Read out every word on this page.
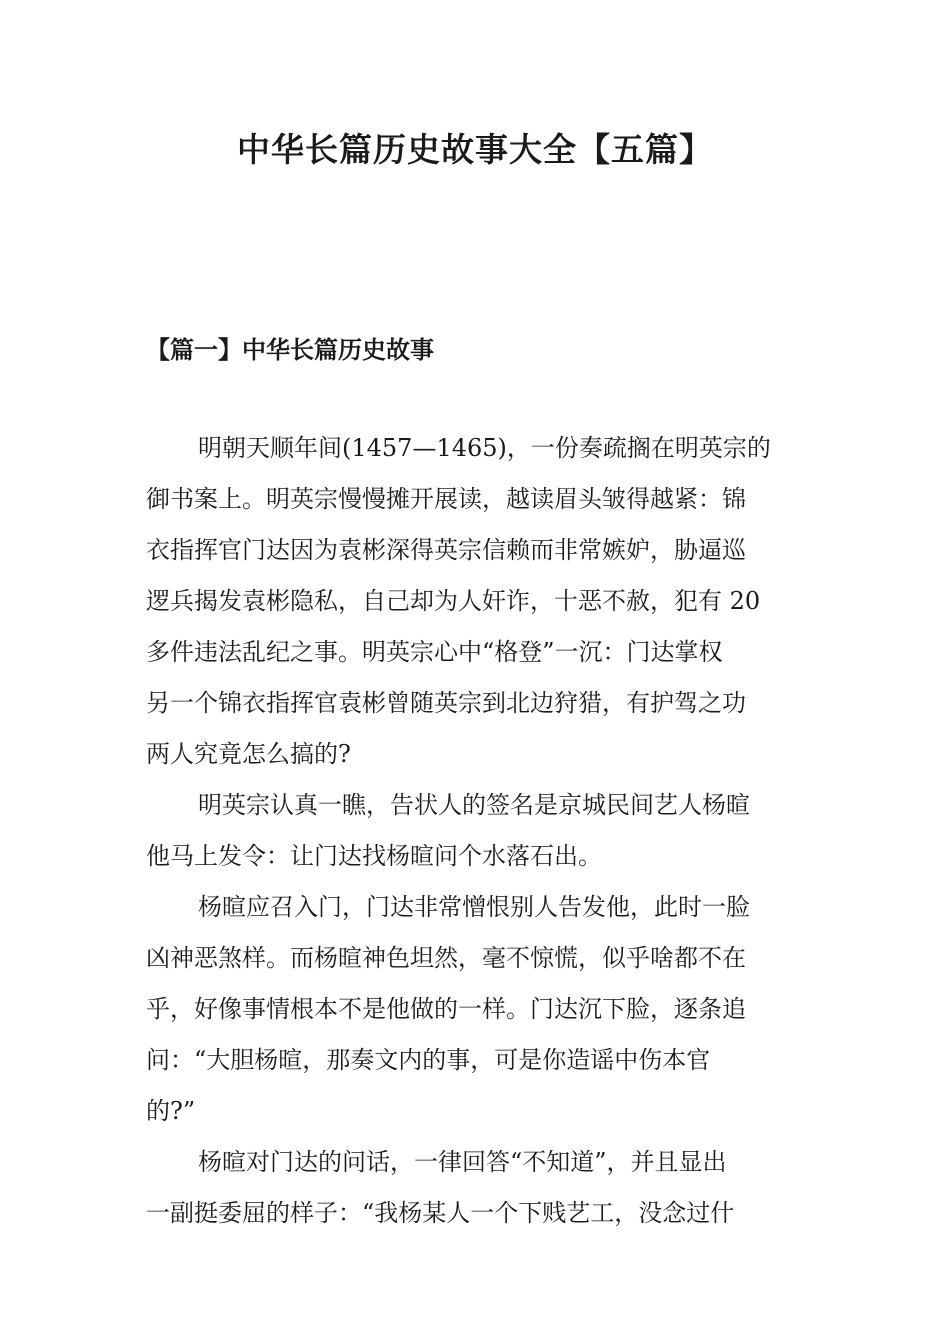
中华长篇历史故事大全【五篇】
【篇一】中华长篇历史故事
明朝天顺年间(1457—1465)，一份奏疏搁在明英宗的
御书案上。明英宗慢慢摊开展读，越读眉头皱得越紧：锦
衣指挥官门达因为袁彬深得英宗信赖而非常嫉妒，胁逼巡
逻兵揭发袁彬隐私，自己却为人奸诈，十恶不赦，犯有 20
多件违法乱纪之事。明英宗心中“格登”一沉：门达掌权
另一个锦衣指挥官袁彬曾随英宗到北边狩猎，有护驾之功
两人究竟怎么搞的?
明英宗认真一瞧，告状人的签名是京城民间艺人杨暄
他马上发令：让门达找杨暄问个水落石出。
杨暄应召入门，门达非常憎恨别人告发他，此时一脸
凶神恶煞样。而杨暄神色坦然，毫不惊慌，似乎啥都不在
乎，好像事情根本不是他做的一样。门达沉下脸，逐条追
问：“大胆杨暄，那奏文内的事，可是你造谣中伤本官
的?”
杨暄对门达的问话，一律回答“不知道”，并且显出
一副挺委屈的样子：“我杨某人一个下贱艺工，没念过什
